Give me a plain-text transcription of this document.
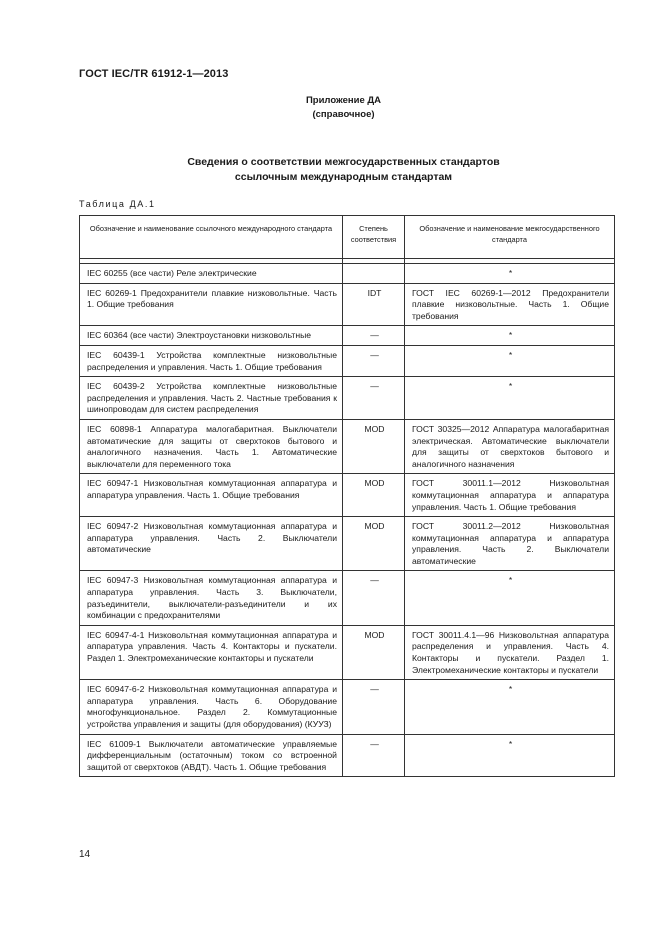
ГОСТ IEC/TR 61912-1—2013
Приложение ДА
(справочное)
Сведения о соответствии межгосударственных стандартов
ссылочным международным стандартам
Таблица ДА.1
Обозначение и наименование ссылочного международного стандарта	Степень соответствия	Обозначение и наименование межгосударственного стандарта

IEC 60255 (все части) Реле электрические		*
IEC 60269-1 Предохранители плавкие низковольтные. Часть 1. Общие требования	IDT	ГОСТ IEC 60269-1—2012 Предохранители плавкие низковольтные. Часть 1. Общие требования
IEC 60364 (все части) Электроустановки низковольтные	—	*
IEC 60439-1 Устройства комплектные низковольтные распределения и управления. Часть 1. Общие требования	—	*
IEC 60439-2 Устройства комплектные низковольтные распределения и управления. Часть 2. Частные требования к шинопроводам для систем распределения	—	*
IEC 60898-1 Аппаратура малогабаритная. Выключатели автоматические для защиты от сверхтоков бытового и аналогичного назначения. Часть 1. Автоматические выключатели для переменного тока	MOD	ГОСТ 30325—2012 Аппаратура малогабаритная электрическая. Автоматические выключатели для защиты от сверхтоков бытового и аналогичного назначения
IEC 60947-1 Низковольтная коммутационная аппаратура и аппаратура управления. Часть 1. Общие требования	MOD	ГОСТ 30011.1—2012 Низковольтная коммутационная аппаратура и аппаратура управления. Часть 1. Общие требования
IEC 60947-2 Низковольтная коммутационная аппаратура и аппаратура управления. Часть 2. Выключатели автоматические	MOD	ГОСТ 30011.2—2012 Низковольтная коммутационная аппаратура и аппаратура управления. Часть 2. Выключатели автоматические
IEC 60947-3 Низковольтная коммутационная аппаратура и аппаратура управления. Часть 3. Выключатели, разъединители, выключатели-разъединители и их комбинации с предохранителями	—	*
IEC 60947-4-1 Низковольтная коммутационная аппаратура и аппаратура управления. Часть 4. Контакторы и пускатели. Раздел 1. Электромеханические контакторы и пускатели	MOD	ГОСТ 30011.4.1—96 Низковольтная аппаратура распределения и управления. Часть 4. Контакторы и пускатели. Раздел 1. Электромеханические контакторы и пускатели
IEC 60947-6-2 Низковольтная коммутационная аппаратура и аппаратура управления. Часть 6. Оборудование многофункциональное. Раздел 2. Коммутационные устройства управления и защиты (для оборудования) (КУУЗ)	—	*
IEC 61009-1 Выключатели автоматические управляемые дифференциальным (остаточным) током со встроенной защитой от сверхтоков (АВДТ). Часть 1. Общие требования	—	*
14
